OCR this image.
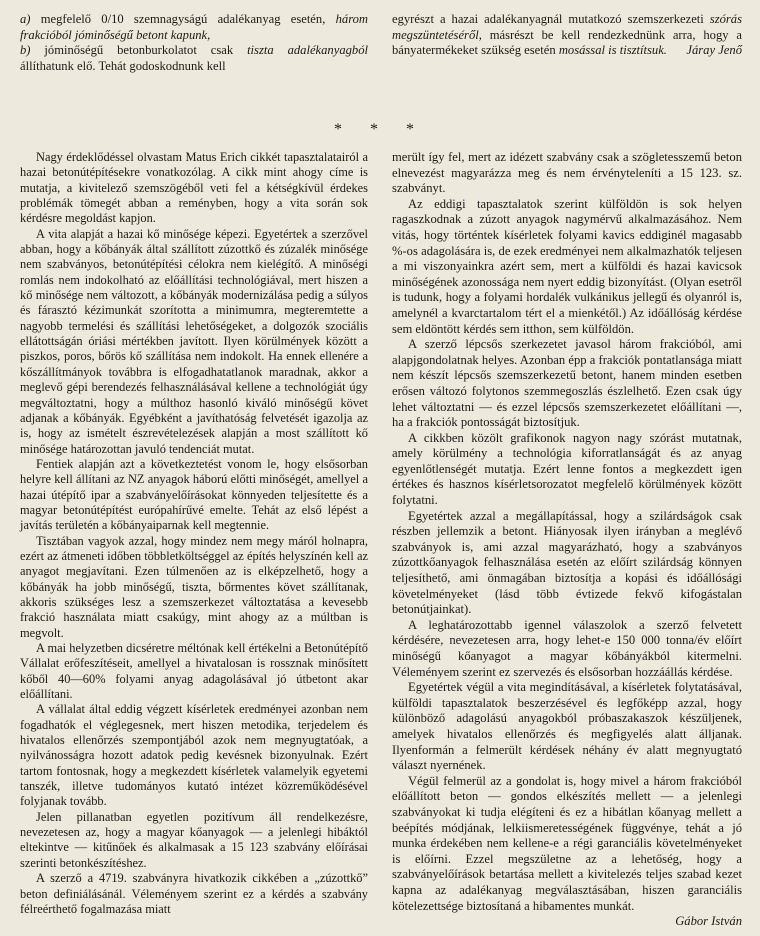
a) megfelelő 0/10 szemnagyságú adalékanyag esetén, három frakcióból jóminőségű betont kapunk,

b) jóminőségű betonburkolatot csak tiszta adalékanyagból állíthatunk elő. Tehát godoskodnunk kell

egyrészt a hazai adalékanyagnál mutatkozó szemszerkezeti szórás megszüntetéséről, másrészt be kell rendezkednünk arra, hogy a bányatermékeket szükség esetén mosással is tisztítsuk. Járay Jenő

* * *

Nagy érdeklődéssel olvastam Matus Erich cikkét tapasztalatairól a hazai betonútépítésekre vonatkozólag. A cikk mint ahogy címe is mutatja, a kivitelező szemszögéből veti fel a kétségkívül érdekes problémák tömegét abban a reményben, hogy a vita során sok kérdésre megoldást kapjon.

A vita alapját a hazai kő minősége képezi. Egyetértek a szerzővel abban, hogy a kőbányák által szállított zúzottkő és zúzalék minősége nem szabványos, betonútépítési célokra nem kielégítő. A minőségi romlás nem indokolható az előállítási technológiával, mert hiszen a kő minősége nem változott, a kőbányák modernizálása pedig a súlyos és fárasztó kézimunkát szorította a minimumra, megteremtette a nagyobb termelési és szállítási lehetőségeket, a dolgozók szociális ellátottságán óriási mértékben javított. Ilyen körülmények között a piszkos, poros, bőrös kő szállítása nem indokolt. Ha ennek ellenére a kőszállítmányok továbbra is elfogadhatatlanok maradnak, akkor a meglevő gépi berendezés felhasználásával kellene a technológiát úgy megváltoztatni, hogy a múlthoz hasonló kiváló minőségű követ adjanak a kőbányák. Egyébként a javíthatóság felvetését igazolja az is, hogy az ismételt észrevételezések alapján a most szállított kő minősége határozottan javuló tendenciát mutat.

Fentiek alapján azt a következtetést vonom le, hogy elsősorban helyre kell állítani az NZ anyagok háború előtti minőségét, amellyel a hazai útépítő ipar a szabványelőírásokat könnyeden teljesítette és a magyar betonútépítést európahírűvé emelte. Tehát az első lépést a javítás területén a kőbányaiparnak kell megtennie.

Tisztában vagyok azzal, hogy mindez nem megy máról holnapra, ezért az átmeneti időben többletköltséggel az építés helyszínén kell az anyagot megjavítani. Ezen túlmenően az is elképzelhető, hogy a kőbányák ha jobb minőségű, tiszta, bőrmentes követ szállítanak, akkoris szükséges lesz a szemszerkezet változtatása a kevesebb frakció használata miatt csakúgy, mint ahogy az a múltban is megvolt.

A mai helyzetben dicséretre méltónak kell értékelni a Betonútépítő Vállalat erőfeszítéseit, amellyel a hivatalosan is rossznak minősített kőből 40—60% folyami anyag adagolásával jó útbetont akar előállítani.

A vállalat által eddig végzett kísérletek eredményei azonban nem fogadhatók el véglegesnek, mert hiszen metodika, terjedelem és hivatalos ellenőrzés szempontjából azok nem megnyugtatóak, a nyilvánosságra hozott adatok pedig kevésnek bizonyulnak. Ezért tartom fontosnak, hogy a megkezdett kísérletek valamelyik egyetemi tanszék, illetve tudományos kutató intézet közreműködésével folyjanak tovább.

Jelen pillanatban egyetlen pozitívum áll rendelkezésre, nevezetesen az, hogy a magyar kőanyagok — a jelenlegi hibáktól eltekintve — kitűnőek és alkalmasak a 15 123 szabvány előírásai szerinti betonkészítéshez.

A szerző a 4719. szabványra hivatkozik cikkében a „zúzottkő” beton definiálásánál. Véleményem szerint ez a kérdés a szabvány félreérthető fogalmazása miatt

merült így fel, mert az idézett szabvány csak a szögletesszemű beton elnevezést magyarázza meg és nem érvényteleníti a 15 123. sz. szabványt.

Az eddigi tapasztalatok szerint külföldön is sok helyen ragaszkodnak a zúzott anyagok nagymérvű alkalmazásához. Nem vitás, hogy történtek kísérletek folyami kavics eddiginél magasabb %-os adagolására is, de ezek eredményei nem alkalmazhatók teljesen a mi viszonyainkra azért sem, mert a külföldi és hazai kavicsok minőségének azonossága nem nyert eddig bizonyítást. (Olyan esetről is tudunk, hogy a folyami hordalék vulkánikus jellegű és olyanról is, amelynél a kvarctartalom tért el a mienkétől.) Az időállóság kérdése sem eldöntött kérdés sem itthon, sem külföldön.

A szerző lépcsős szerkezetet javasol három frakcióból, ami alapjgondolatnak helyes. Azonban épp a frakciók pontatlansága miatt nem készít lépcsős szemszerkezetű betont, hanem minden esetben erősen változó folytonos szemmegoszlás észlelhető. Ezen csak úgy lehet változtatni — és ezzel lépcsős szemszerkezetet előállítani —, ha a frakciók pontosságát biztosítjuk.

A cikkben közölt grafikonok nagyon nagy szórást mutatnak, amely körülmény a technológia kiforratlanságát és az anyag egyenlőtlenségét mutatja. Ezért lenne fontos a megkezdett igen értékes és hasznos kísérletsorozatot megfelelő körülmények között folytatni.

Egyetértek azzal a megállapítással, hogy a szilárdságok csak részben jellemzik a betont. Hiányosak ilyen irányban a meglévő szabványok is, ami azzal magyarázható, hogy a szabványos zúzottkőanyagok felhasználása esetén az előírt szilárdság könnyen teljesíthető, ami önmagában biztosítja a kopási és időállósági követelményeket (lásd több évtizede fekvő kifogástalan betonútjainkat).

A leghatározottabb igennel válaszolok a szerző felvetett kérdésére, nevezetesen arra, hogy lehet-e 150 000 tonna/év előírt minőségű kőanyagot a magyar kőbányákból kitermelni. Véleményem szerint ez szervezés és elsősorban hozzáállás kérdése.

Egyetértek végül a vita megindításával, a kísérletek folytatásával, külföldi tapasztalatok beszerzésével és legfőképp azzal, hogy különböző adagolású anyagokból próbaszakaszok készüljenek, amelyek hivatalos ellenőrzés és megfigyelés alatt álljanak. Ilyenformán a felmerült kérdések néhány év alatt megnyugtató választ nyernének.

Végül felmerül az a gondolat is, hogy mivel a három frakcióból előállított beton — gondos elkészítés mellett — a jelenlegi szabványokat ki tudja elégíteni és ez a hibátlan kőanyag mellett a beépítés módjának, lelkiismeretességének függvénye, tehát a jó munka érdekében nem kellene-e a régi garanciális követelményeket is előírni. Ezzel megszületne az a lehetőség, hogy a szabványelőírások betartása mellett a kivitelezés teljes szabad kezet kapna az adalékanyag megválasztásában, hiszen garanciális kötelezettsége biztosítaná a hibamentes munkát.

Gábor István
